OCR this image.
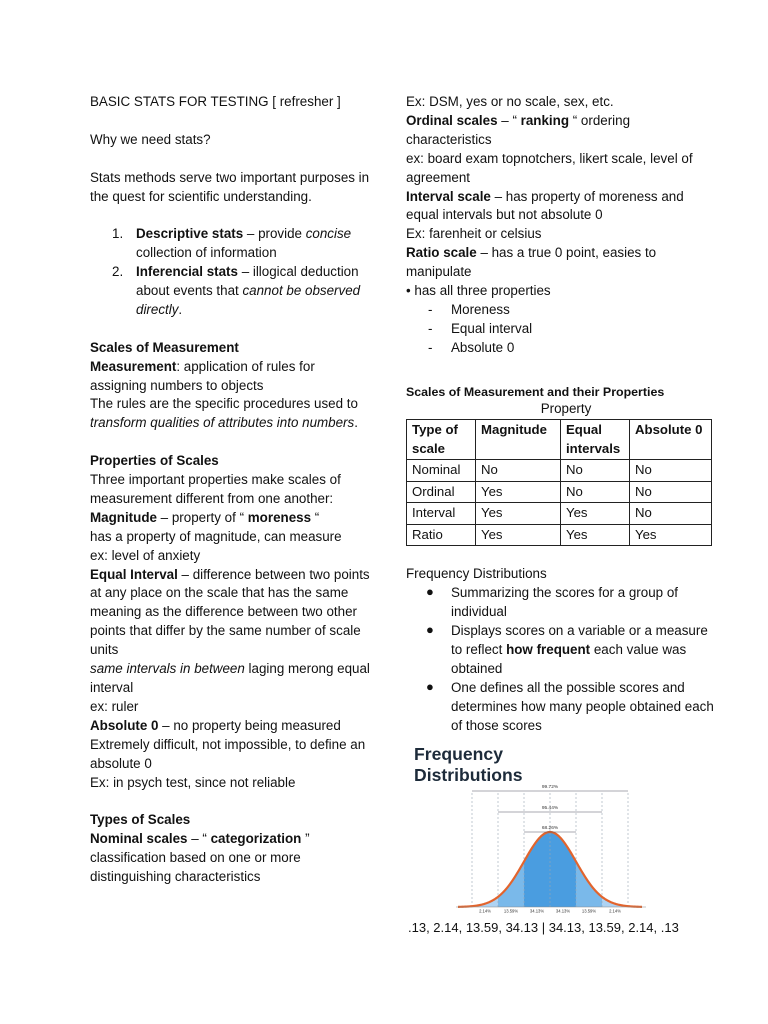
BASIC STATS FOR TESTING [ refresher ]

Why we need stats?

Stats methods serve two important purposes in the quest for scientific understanding.

1. Descriptive stats – provide concise collection of information
2. Inferencial stats – illogical deduction about events that cannot be observed directly.

Scales of Measurement

Measurement: application of rules for assigning numbers to objects

The rules are the specific procedures used to transform qualities of attributes into numbers.

Properties of Scales

Three important properties make scales of measurement different from one another:

Magnitude – property of “ moreness “

has a property of magnitude, can measure

ex: level of anxiety

Equal Interval – difference between two points at any place on the scale that has the same meaning as the difference between two other points that differ by the same number of scale units

same intervals in between laging merong equal interval

ex: ruler

Absolute 0 – no property being measured

Extremely difficult, not impossible, to define an absolute 0

Ex: in psych test, since not reliable

Types of Scales

Nominal scales – “ categorization ”

classification based on one or more distinguishing characteristics

Ex: DSM, yes or no scale, sex, etc.

Ordinal scales – “ ranking “ ordering characteristics

ex: board exam topnotchers, likert scale, level of agreement

Interval scale – has property of moreness and equal intervals but not absolute 0

Ex: farenheit or celsius

Ratio scale – has a true 0 point, easies to manipulate

• has all three properties

- Moreness
- Equal interval
- Absolute 0
Scales of Measurement and their Properties
Property
Type of scale	Magnitude	Equal intervals	Absolute 0
Nominal	No	No	No
Ordinal	Yes	No	No
Interval	Yes	Yes	No
Ratio	Yes	Yes	Yes

Frequency Distributions

● Summarizing the scores for a group of individual
● Displays scores on a variable or a measure to reflect how frequent each value was obtained
● One defines all the possible scores and determines how many people obtained each of those scores
Frequency
Distributions
99.72%
95.44%
68.26%
2.14%	13.59%	34.13%	34.13%	13.59%	2.14%
.13, 2.14, 13.59, 34.13 | 34.13, 13.59, 2.14, .13
